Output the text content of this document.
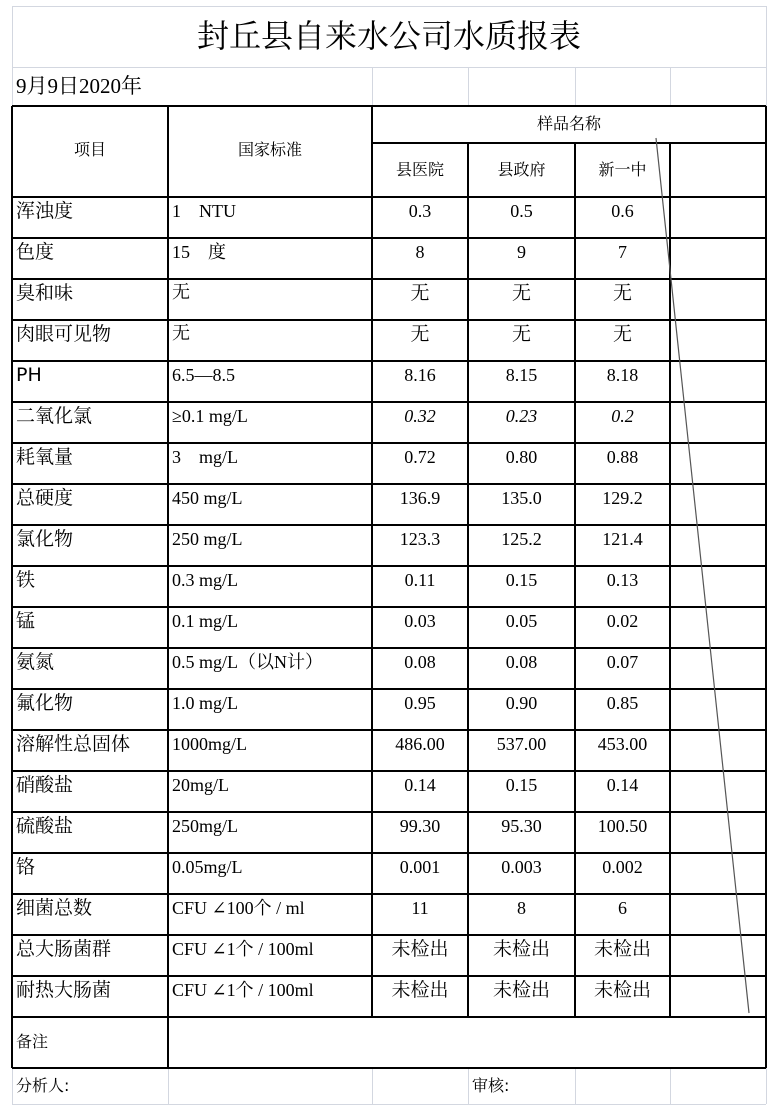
封丘县自来水公司水质报表
9月9日2020年
项目	国家标准
样品名称
县医院	县政府	新一中
浑浊度	1　NTU	0.3	0.5	0.6
色度	15　度	8	9	7
臭和味	无	无	无	无
肉眼可见物	无	无	无	无
PH	6.5—8.5	8.16	8.15	8.18
二氧化氯	≥0.1 mg/L	0.32	0.23	0.2
耗氧量	3　mg/L	0.72	0.80	0.88
总硬度	450 mg/L	136.9	135.0	129.2
氯化物	250 mg/L	123.3	125.2	121.4
铁	0.3 mg/L	0.11	0.15	0.13
锰	0.1 mg/L	0.03	0.05	0.02
氨氮	0.5 mg/L（以N计）	0.08	0.08	0.07
氟化物	1.0 mg/L	0.95	0.90	0.85
溶解性总固体	1000mg/L	486.00	537.00	453.00
硝酸盐	20mg/L	0.14	0.15	0.14
硫酸盐	250mg/L	99.30	95.30	100.50
铬	0.05mg/L	0.001	0.003	0.002
细菌总数	CFU ∠100个 / ml	11	8	6
总大肠菌群	CFU ∠1个 / 100ml	未检出	未检出	未检出
耐热大肠菌	CFU ∠1个 / 100ml	未检出	未检出	未检出
备注
分析人:	审核:
